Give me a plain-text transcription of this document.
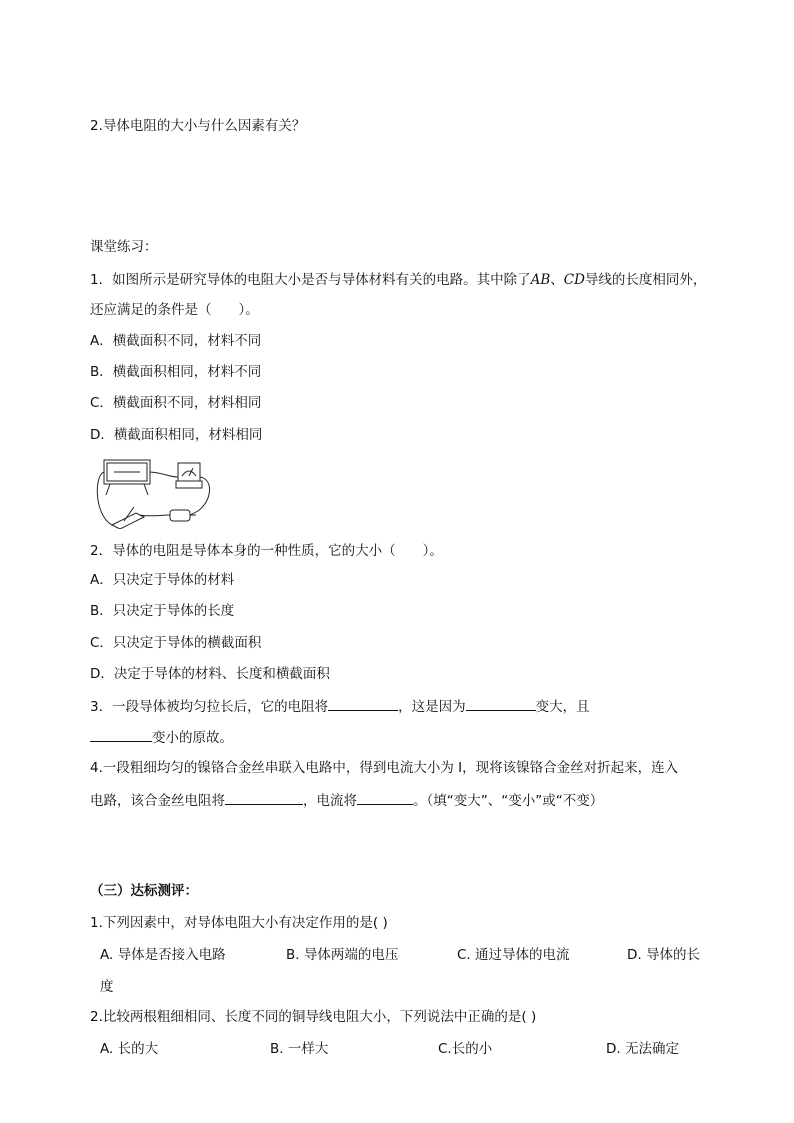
2.导体电阻的大小与什么因素有关？
课堂练习：
1．如图所示是研究导体的电阻大小是否与导体材料有关的电路。其中除了AB、CD导线的长度相同外，
还应满足的条件是（　　）。
A．横截面积不同，材料不同
B．横截面积相同，材料不同
C．横截面积不同，材料相同
D．横截面积相同，材料相同
2．导体的电阻是导体本身的一种性质，它的大小（　　）。
A．只决定于导体的材料
B．只决定于导体的长度
C．只决定于导体的横截面积
D．决定于导体的材料、长度和横截面积
3．一段导体被均匀拉长后，它的电阻将	，这是因为	变大，且
变小的原故。
4.一段粗细均匀的镍铬合金丝串联入电路中，得到电流大小为 I，现将该镍铬合金丝对折起来，连入
电路，该合金丝电阻将	，电流将	。（填“变大”、“变小”或“不变）
（三）达标测评：
1.下列因素中，对导体电阻大小有决定作用的是( )
A. 导体是否接入电路	B. 导体两端的电压	C. 通过导体的电流	D. 导体的长
度
2.比较两根粗细相同、长度不同的铜导线电阻大小，下列说法中正确的是( )
A. 长的大	B. 一样大	C.长的小	D. 无法确定
